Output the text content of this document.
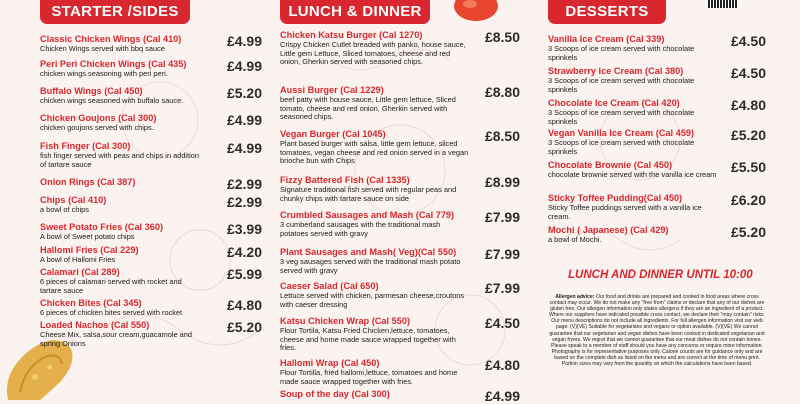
STARTER /SIDES
Classic Chicken Wings (Cal 410)
Chicken Wings served with bbq sauce	£4.99
Peri Peri Chicken Wings (Cal 435)
chicken wings seasoning with peri peri.	£4.99
Buffalo Wings (Cal 450)
chicken wings seasoned with buffalo sauce.	£5.20
Chicken Goujons (Cal 300)
chicken goujons served with chips..	£4.99
Fish Finger (Cal 300)
fish finger served with peas and chips in addition of tartare sauce
£4.99
Onion Rings (Cal 387)	£2.99
Chips (Cal 410)
a bowl of chips	£2.99
Sweet Potato Fries (Cal 360)
A bowl of Sweet potato chips	£3.99
Hallomi Fries (Cal 229)
A bowl of Hallomi Fries	£4.20
Calamari (Cal 289)
6 pieces of calamari served with rocket and tartare sauce
£5.99
Chicken Bites (Cal 345)
6 pieces of chicken bites served with rocket	£4.80
Loaded Nachos (Cal 550)
Cheese Mix, salsa,sour cream,guacamole and spring Onions
£5.20
LUNCH & DINNER
Chicken Katsu Burger (Cal 1270)
Crispy Chicken Cutlet breaded with panko, house sauce, Little gem Lettuce, Sliced tomatoes, cheese and red onion, Gherkin served with seasoned chips.
£8.50
Aussi Burger (Cal 1229)
beef patty with house sauce, Little gem lettuce, Sliced tomato, cheese and red onion, Gherkin served with seasoned chips.
£8.80
Vegan Burger (Cal 1045)
Plant based burger with salsa, little gem lettuce, sliced tomatoes, vegan cheese and red onion served in a vegan brioche bun with Chips
£8.50
Fizzy Battered Fish (Cal 1335)
Signature traditional fish served with regular peas and chunky chips with tartare sauce on side
£8.99
Crumbled Sausages and Mash (Cal 779)
3 cumberland sausages with the traditional mash potatoes served with gravy
£7.99
Plant Sausages and Mash( Veg)(Cal 550)
3 veg sausages served with the traditional mash potato served with gravy
£7.99
Caeser Salad (Cal 650)
Lettuce served with chicken, parmesan cheese,croutons with caeser dressing
£7.99
Katsu Chicken Wrap (Cal 550)
Flour Tortila, Katsu Fried Chicken,lettuce, tomatoes, cheese and home made sauce wrapped together with fries.
£4.50
Hallomi Wrap (Cal 450)
Flour Tortilla, fried hallomi,lettuce, tomatoes and home made sauce wrapped together with fries.
£4.80
Soup of the day (Cal 300)	£4.99
DESSERTS
Vanilla Ice Cream (Cal 339)
3 Scoops of ice cream served with chocolate sprinkels
£4.50
Strawberry Ice Cream (Cal 380)
3 Scoops of ice cream served with chocolate sprinkels
£4.50
Chocolate Ice Cream (Cal 420)
3 Scoops of ice cream served with chocolate sprinkels
£4.80
Vegan Vanilla Ice Cream (Cal 459)
3 Scoops of ice cream served with chocolate sprinkels
£5.20
Chocolate Brownie (Cal 450)
chocolate brownie served with the vanilla ice cream £5.50
Sticky Toffee Pudding(Cal 450)
Sticky Toffee puddings served with a vanilla ice cream.
£6.20
Mochi ( Japanese) (Cal 429)
a bowl of Mochi.	£5.20
LUNCH AND DINNER UNTIL 10:00
Allergen advice: Our food and drinks are prepared and cooked in food areas where cross contact may occur. We do not make any "free from" claims or declare that any of our dishes are gluten free. Our allergen information only states allergens if they are an ingredient of a product. Where our suppliers have indicated possible cross contact, we declare their "may contain" risks. Our menu descriptions do not include all ingredients. For full allergen information visit our web page. (V)(VE) Suitable for vegetarians and vegans or option available. (V)(VE) We cannot guarantee that our vegetarian and vegan dishes have been cooked in dedicated vegetarian and vegan fryers. We regret that we cannot guarantee that our meat dishes do not contain bones. Please speak to a member of staff should you have any concerns or require more information. Photography is for representative purposes only. Calorie counts are for guidance only and are based on the complete dish as listed on the menu and are correct at the time of menu print. Portion sizes may vary from the quantity on which the calculations have been based.
